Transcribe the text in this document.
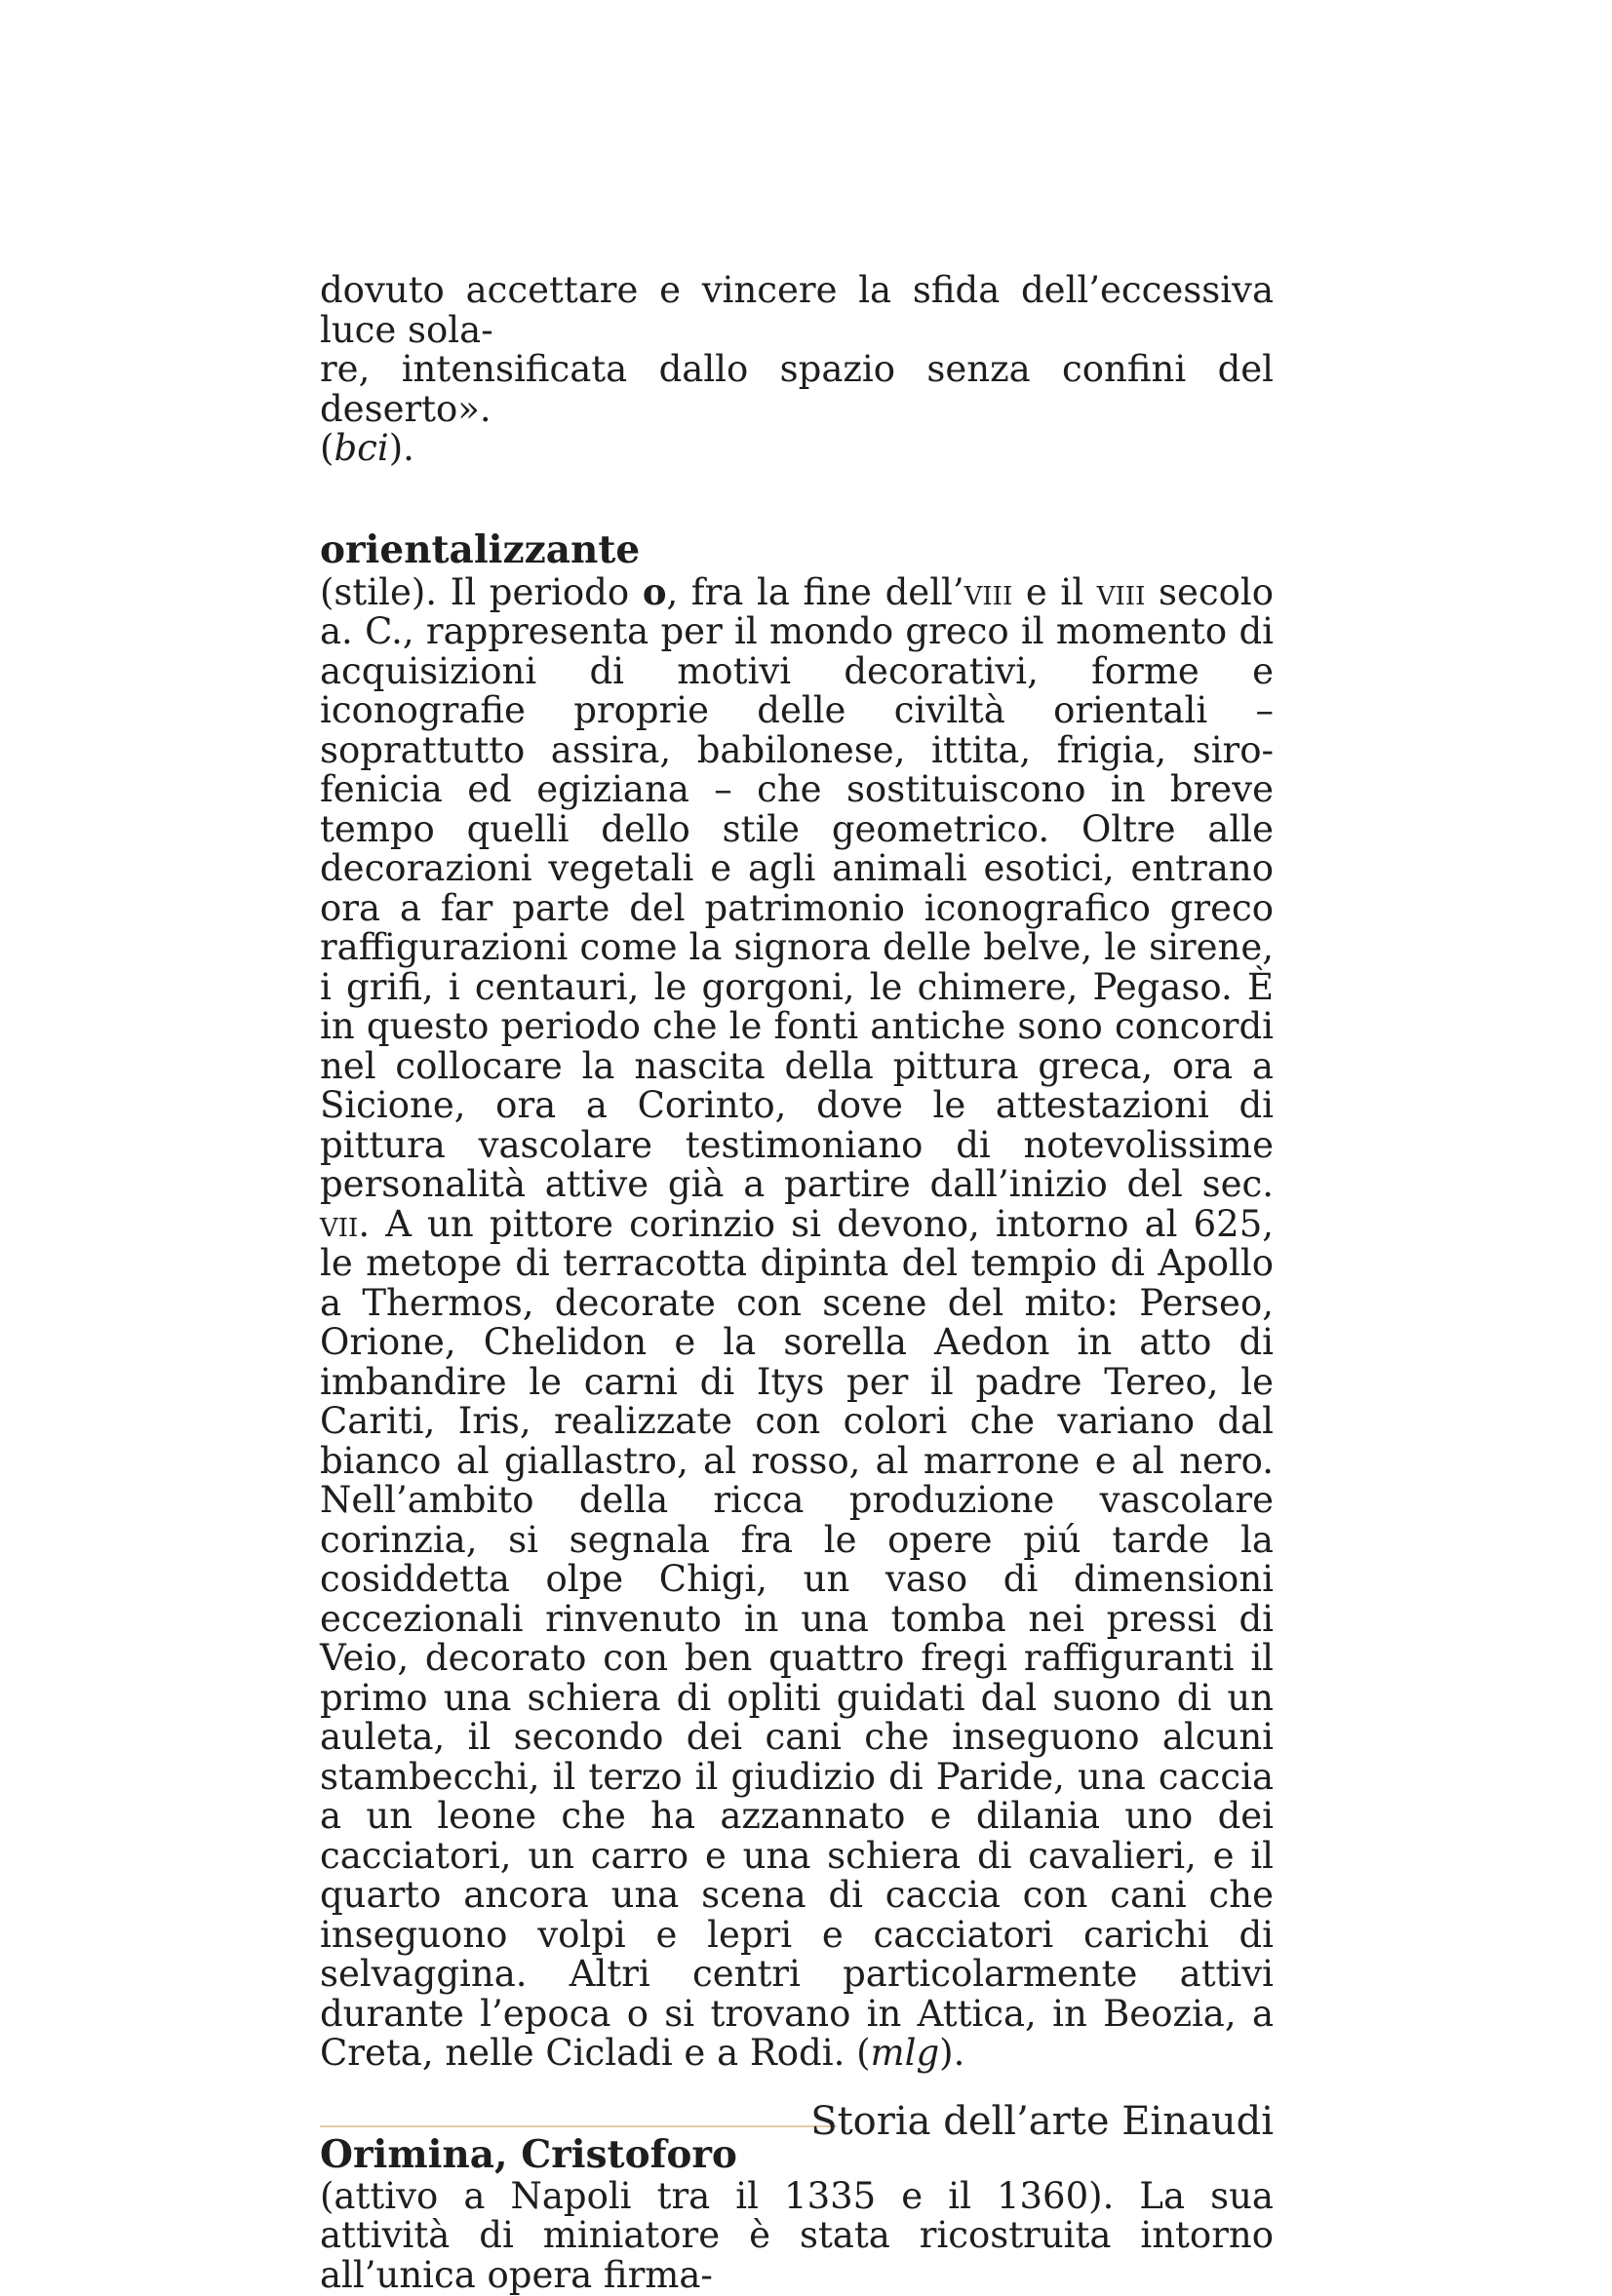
dovuto accettare e vincere la sfida dell’eccessiva luce sola-
re, intensificata dallo spazio senza confini del deserto».
(bci).

orientalizzante

(stile). Il periodo o, fra la fine dell’viii e il viii secolo a. C., rappresenta per il mondo greco il momento di acquisizioni di motivi decorativi, forme e iconografie proprie delle civiltà orientali – soprattutto assira, babilonese, ittita, frigia, siro-fenicia ed egiziana – che sostituiscono in breve tempo quelli dello stile geometrico. Oltre alle decorazioni vegetali e agli animali esotici, entrano ora a far parte del patrimonio iconografico greco raffigurazioni come la signora delle belve, le sirene, i grifi, i centauri, le gorgoni, le chimere, Pegaso. È in questo periodo che le fonti antiche sono concordi nel collocare la nascita della pittura greca, ora a Sicione, ora a Corinto, dove le attestazioni di pittura vascolare testimoniano di notevolissime personalità attive già a partire dall’inizio del sec. vii. A un pittore corinzio si devono, intorno al 625, le metope di terracotta dipinta del tempio di Apollo a Thermos, decorate con scene del mito: Perseo, Orione, Chelidon e la sorella Aedon in atto di imbandire le carni di Itys per il padre Tereo, le Cariti, Iris, realizzate con colori che variano dal bianco al giallastro, al rosso, al marrone e al nero. Nell’ambito della ricca produzione vascolare corinzia, si segnala fra le opere piú tarde la cosiddetta olpe Chigi, un vaso di dimensioni eccezionali rinvenuto in una tomba nei pressi di Veio, decorato con ben quattro fregi raffiguranti il primo una schiera di opliti guidati dal suono di un auleta, il secondo dei cani che inseguono alcuni stambecchi, il terzo il giudizio di Paride, una caccia a un leone che ha azzannato e dilania uno dei cacciatori, un carro e una schiera di cavalieri, e il quarto ancora una scena di caccia con cani che inseguono volpi e lepri e cacciatori carichi di selvaggina. Altri centri particolarmente attivi durante l’epoca o si trovano in Attica, in Beozia, a Creta, nelle Cicladi e a Rodi. (mlg).

Orimina, Cristoforo

(attivo a Napoli tra il 1335 e il 1360). La sua attività di miniatore è stata ricostruita intorno all’unica opera firma-

Storia dell’arte Einaudi
